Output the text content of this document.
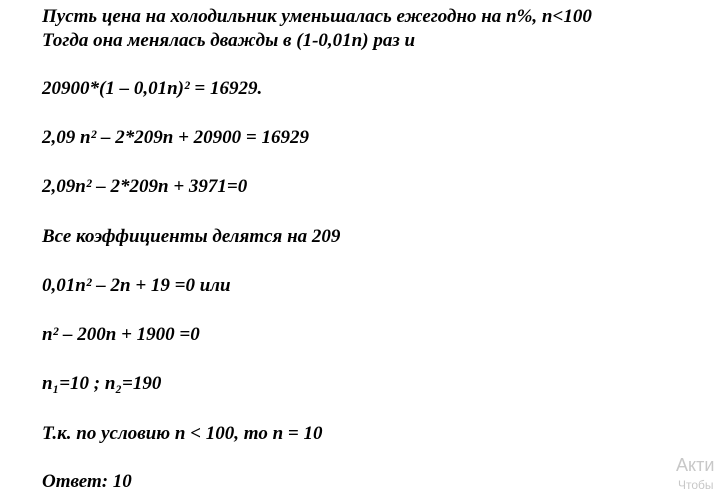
Пусть цена на холодильник уменьшалась ежегодно на n%, n<100

Тогда она менялась дважды в (1-0,01n) раз и

20900*(1 – 0,01n)² = 16929.

2,09 n² – 2*209n + 20900 = 16929

2,09n² – 2*209n + 3971=0

Все коэффициенты делятся на 209

0,01n² – 2n + 19 =0 или

n² – 200n + 1900 =0

n₁=10 ; n₂=190

Т.к. по условию n < 100, то n = 10

Ответ: 10

Акти
Чтобы
